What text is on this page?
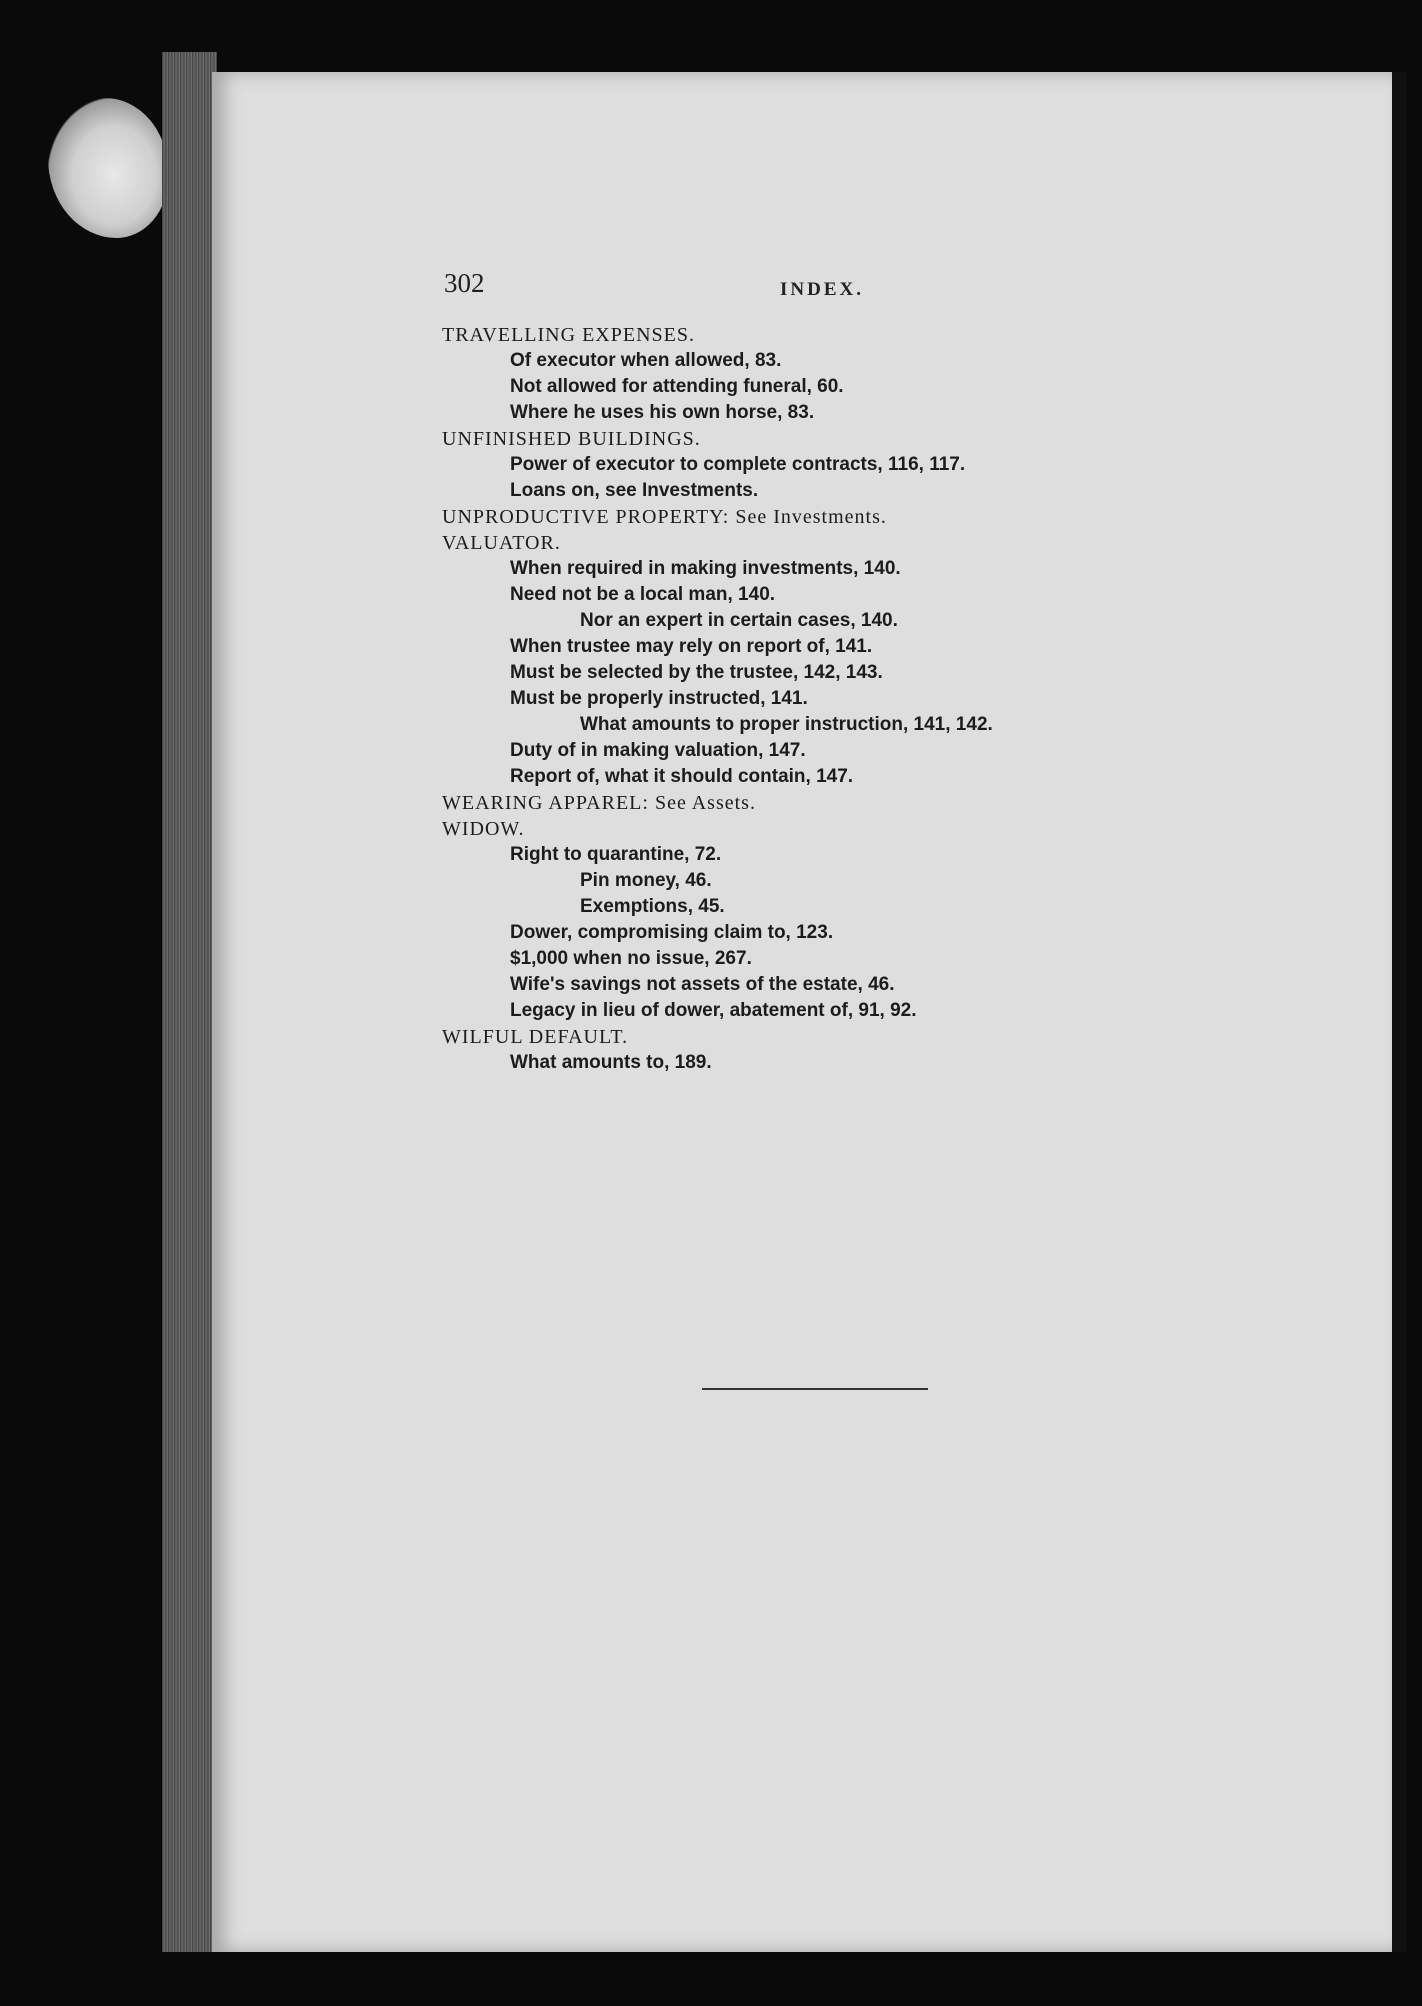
302	INDEX.
TRAVELLING EXPENSES.
Of executor when allowed, 83.
Not allowed for attending funeral, 60.
Where he uses his own horse, 83.
UNFINISHED BUILDINGS.
Power of executor to complete contracts, 116, 117.
Loans on, see Investments.
UNPRODUCTIVE PROPERTY: See Investments.
VALUATOR.
When required in making investments, 140.
Need not be a local man, 140.
Nor an expert in certain cases, 140.
When trustee may rely on report of, 141.
Must be selected by the trustee, 142, 143.
Must be properly instructed, 141.
What amounts to proper instruction, 141, 142.
Duty of in making valuation, 147.
Report of, what it should contain, 147.
WEARING APPAREL: See Assets.
WIDOW.
Right to quarantine, 72.
Pin money, 46.
Exemptions, 45.
Dower, compromising claim to, 123.
$1,000 when no issue, 267.
Wife's savings not assets of the estate, 46.
Legacy in lieu of dower, abatement of, 91, 92.
WILFUL DEFAULT.
What amounts to, 189.
